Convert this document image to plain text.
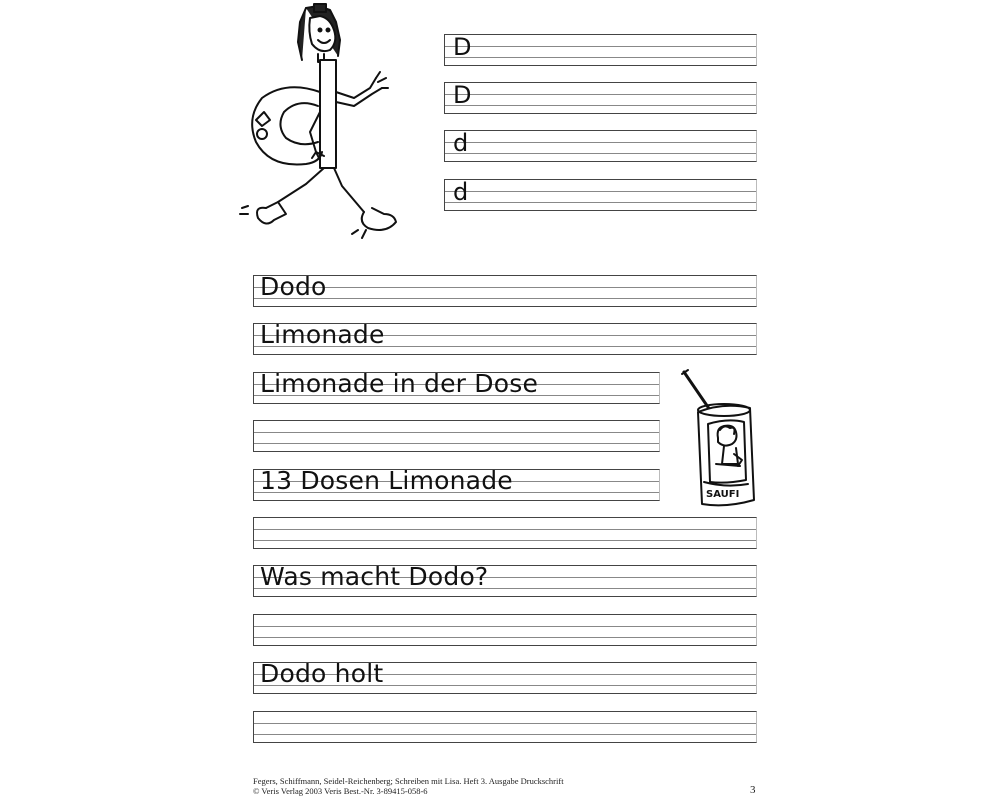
D
D
d
d
Dodo
Limonade
Limonade in der Dose
13 Dosen Limonade
Was macht Dodo?
Dodo holt
SAUFI
Fegers, Schiffmann, Seidel-Reichenberg; Schreiben mit Lisa. Heft 3. Ausgabe Druckschrift
© Veris Verlag 2003 Veris Best.-Nr. 3-89415-058-6	3
